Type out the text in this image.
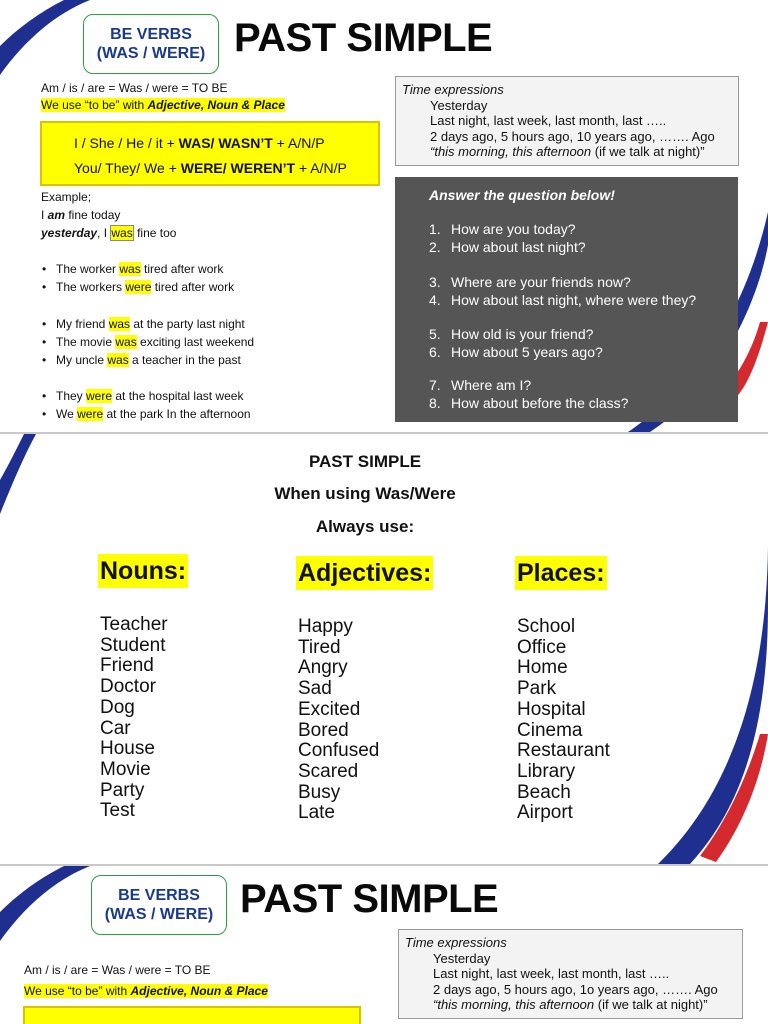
BE VERBS
(WAS / WERE) PAST SIMPLE
Am / is / are = Was / were = TO BE
We use “to be” with Adjective, Noun & Place
I / She / He / it + WAS/ WASN’T + A/N/P
You/ They/ We + WERE/ WEREN’T + A/N/P
Example;
I am fine today
yesterday, I was fine too
• The worker was tired after work
• The workers were tired after work
• My friend was at the party last night
• The movie was exciting last weekend
• My uncle was a teacher in the past
• They were at the hospital last week
• We were at the park In the afternoon
Time expressions
Yesterday
Last night, last week, last month, last …..
2 days ago, 5 hours ago, 10 years ago, ……. Ago
“this morning, this afternoon (if we talk at night)”
Answer the question below!
1. How are you today?
2. How about last night?
3. Where are your friends now?
4. How about last night, where were they?
5. How old is your friend?
6. How about 5 years ago?
7. Where am I?
8. How about before the class?
PAST SIMPLE
When using Was/Were
Always use:
Nouns:	Adjectives:	Places:
Teacher
Student
Friend
Doctor
Dog
Car
House
Movie
Party
Test
Happy
Tired
Angry
Sad
Excited
Bored
Confused
Scared
Busy
Late
School
Office
Home
Park
Hospital
Cinema
Restaurant
Library
Beach
Airport
BE VERBS
(WAS / WERE) PAST SIMPLE
Am / is / are = Was / were = TO BE
We use “to be” with Adjective, Noun & Place
Time expressions
Yesterday
Last night, last week, last month, last …..
2 days ago, 5 hours ago, 1o years ago, ……. Ago
“this morning, this afternoon (if we talk at night)”
